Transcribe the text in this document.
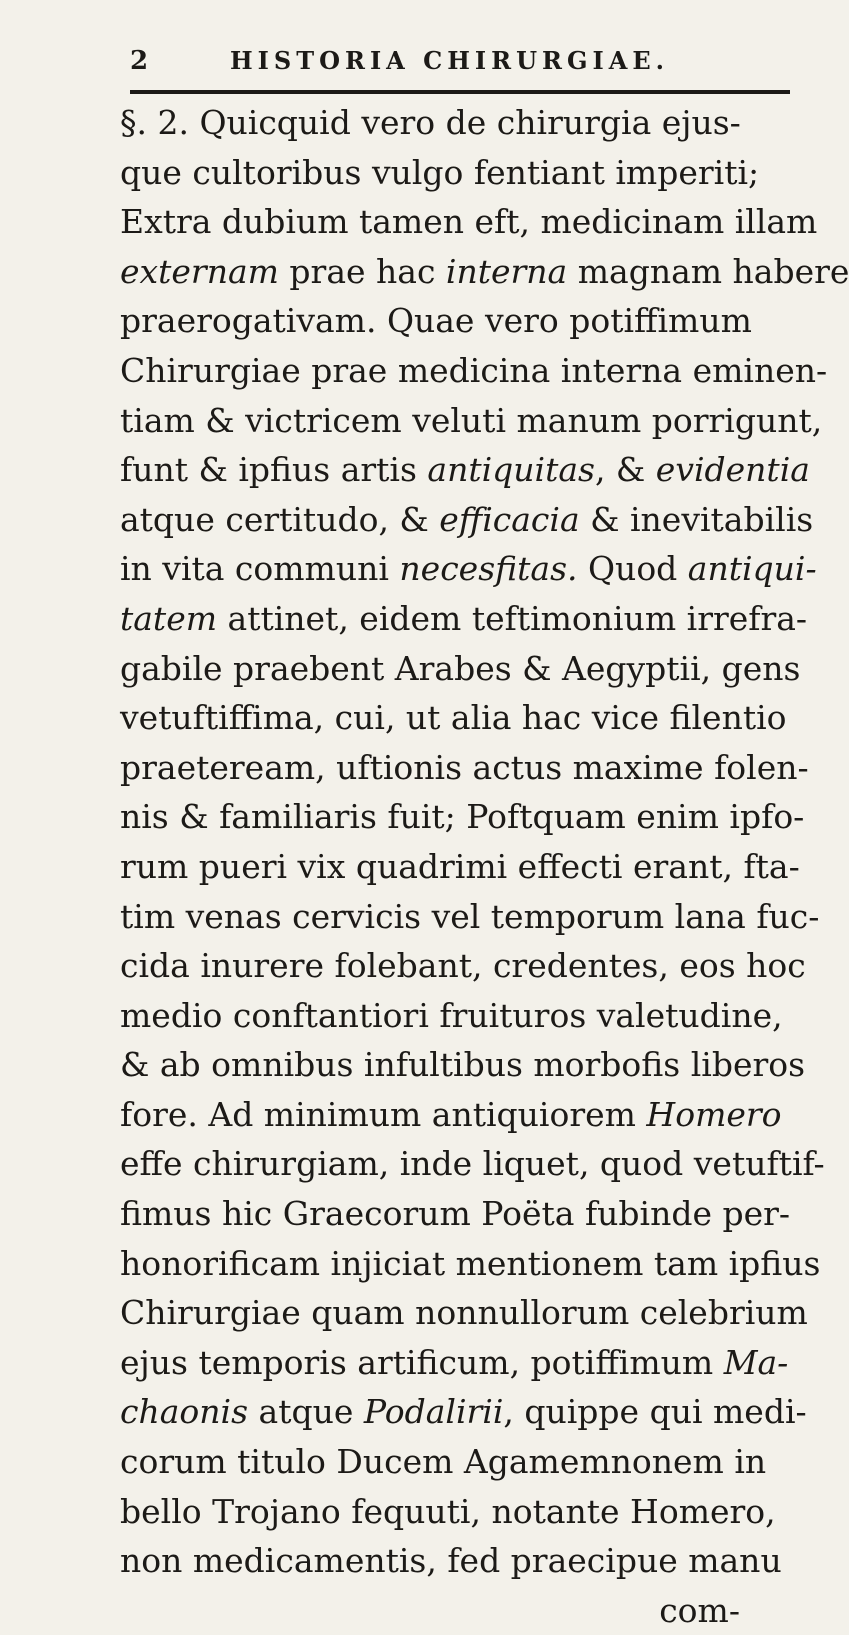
2	HISTORIA CHIRURGIAE.
§. 2. Quicquid vero de chirurgia ejus-
que cultoribus vulgo fentiant imperiti;
Extra dubium tamen eft, medicinam illam
externam prae hac interna magnam habere
praerogativam. Quae vero potiffimum
Chirurgiae prae medicina interna eminen-
tiam & victricem veluti manum porrigunt,
funt & ipfius artis antiquitas, & evidentia
atque certitudo, & efficacia & inevitabilis
in vita communi necesfitas. Quod antiqui-
tatem attinet, eidem teftimonium irrefra-
gabile praebent Arabes & Aegyptii, gens
vetuftiffima, cui, ut alia hac vice filentio
praeteream, uftionis actus maxime folen-
nis & familiaris fuit; Poftquam enim ipfo-
rum pueri vix quadrimi effecti erant, fta-
tim venas cervicis vel temporum lana fuc-
cida inurere folebant, credentes, eos hoc
medio conftantiori fruituros valetudine,
& ab omnibus infultibus morbofis liberos
fore. Ad minimum antiquiorem Homero
effe chirurgiam, inde liquet, quod vetuftif-
fimus hic Graecorum Poëta fubinde per-
honorificam injiciat mentionem tam ipfius
Chirurgiae quam nonnullorum celebrium
ejus temporis artificum, potiffimum Ma-
chaonis atque Podalirii, quippe qui medi-
corum titulo Ducem Agamemnonem in
bello Trojano fequuti, notante Homero,
non medicamentis, fed praecipue manu
com-
